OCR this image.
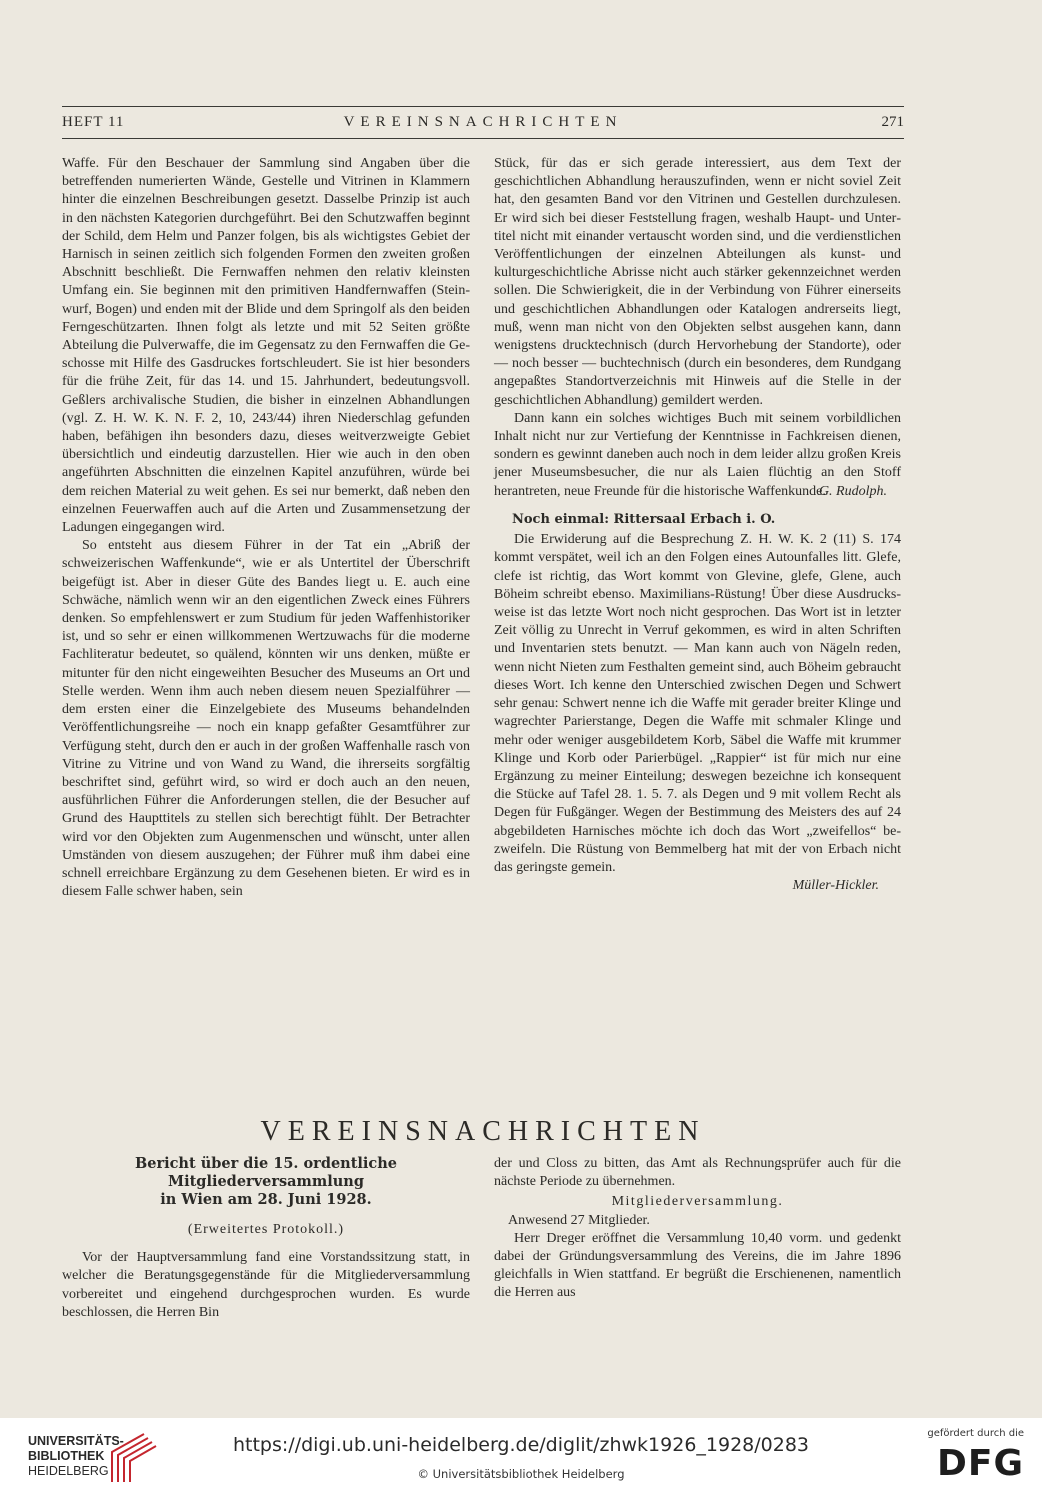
HEFT 11	VEREINSNACHRICHTEN	271

Waffe. Für den Beschauer der Sammlung sind Angaben über die betreffenden numerierten Wände, Gestelle und Vitrinen in Klammern hinter die einzelnen Beschreibungen gesetzt. Dasselbe Prinzip ist auch in den nächsten Kategorien durchgeführt. Bei den Schutzwaffen beginnt der Schild, dem Helm und Panzer folgen, bis als wichtigstes Gebiet der Harnisch in seinen zeitlich sich folgenden Formen den zweiten großen Abschnitt beschließt. Die Fernwaffen nehmen den relativ kleinsten Umfang ein. Sie beginnen mit den primitiven Handfernwaffen (Steinwurf, Bogen) und enden mit der Blide und dem Springolf als den beiden Ferngeschützarten. Ihnen folgt als letzte und mit 52 Seiten größte Abteilung die Pulverwaffe, die im Gegensatz zu den Fernwaffen die Geschosse mit Hilfe des Gasdruckes fortschleudert. Sie ist hier besonders für die frühe Zeit, für das 14. und 15. Jahrhundert, bedeutungsvoll. Geßlers archivalische Studien, die bisher in einzelnen Abhandlungen (vgl. Z. H. W. K. N. F. 2, 10, 243/44) ihren Niederschlag gefunden haben, befähigen ihn besonders dazu, dieses weitverzweigte Gebiet übersichtlich und eindeutig darzustellen. Hier wie auch in den oben angeführten Abschnitten die einzelnen Kapitel anzuführen, würde bei dem reichen Material zu weit gehen. Es sei nur bemerkt, daß neben den einzelnen Feuerwaffen auch auf die Arten und Zusammensetzung der Ladungen eingegangen wird.

So entsteht aus diesem Führer in der Tat ein „Abriß der schweizerischen Waffenkunde“, wie er als Untertitel der Überschrift beigefügt ist. Aber in dieser Güte des Bandes liegt u. E. auch eine Schwäche, nämlich wenn wir an den eigentlichen Zweck eines Führers denken. So empfehlenswert er zum Studium für jeden Waffenhistoriker ist, und so sehr er einen willkommenen Wertzuwachs für die moderne Fachliteratur bedeutet, so quälend, könnten wir uns denken, müßte er mitunter für den nicht eingeweihten Besucher des Museums an Ort und Stelle werden. Wenn ihm auch neben diesem neuen Spezialführer — dem ersten einer die Einzelgebiete des Museums behandelnden Veröffentlichungsreihe — noch ein knapp gefaßter Gesamtführer zur Verfügung steht, durch den er auch in der großen Waffenhalle rasch von Vitrine zu Vitrine und von Wand zu Wand, die ihrerseits sorgfältig beschriftet sind, geführt wird, so wird er doch auch an den neuen, ausführlichen Führer die Anforderungen stellen, die der Besucher auf Grund des Haupttitels zu stellen sich berechtigt fühlt. Der Betrachter wird vor den Objekten zum Augenmenschen und wünscht, unter allen Umständen von diesem auszugehen; der Führer muß ihm dabei eine schnell erreichbare Ergänzung zu dem Gesehenen bieten. Er wird es in diesem Falle schwer haben, sein

Stück, für das er sich gerade interessiert, aus dem Text der geschichtlichen Abhandlung herauszufinden, wenn er nicht soviel Zeit hat, den gesamten Band vor den Vitrinen und Gestellen durchzulesen. Er wird sich bei dieser Feststellung fragen, weshalb Haupt- und Untertitel nicht mit einander vertauscht worden sind, und die verdienstlichen Veröffentlichungen der einzelnen Abteilungen als kunst- und kulturgeschichtliche Abrisse nicht auch stärker gekennzeichnet werden sollen. Die Schwierigkeit, die in der Verbindung von Führer einerseits und geschichtlichen Abhandlungen oder Katalogen andrerseits liegt, muß, wenn man nicht von den Objekten selbst ausgehen kann, dann wenigstens drucktechnisch (durch Hervorhebung der Standorte), oder — noch besser — buchtechnisch (durch ein besonderes, dem Rundgang angepaßtes Standortverzeichnis mit Hinweis auf die Stelle in der geschichtlichen Abhandlung) gemildert werden.

Dann kann ein solches wichtiges Buch mit seinem vorbildlichen Inhalt nicht nur zur Vertiefung der Kenntnisse in Fachkreisen dienen, sondern es gewinnt daneben auch noch in dem leider allzu großen Kreis jener Museumsbesucher, die nur als Laien flüchtig an den Stoff herantreten, neue Freunde für die historische Waffenkunde.

G. Rudolph.
Noch einmal: Rittersaal Erbach i. O.

Die Erwiderung auf die Besprechung Z. H. W. K. 2 (11) S. 174 kommt verspätet, weil ich an den Folgen eines Autounfalles litt. Glefe, clefe ist richtig, das Wort kommt von Glevine, glefe, Glene, auch Böheim schreibt ebenso. Maximilians-Rüstung! Über diese Ausdrucksweise ist das letzte Wort noch nicht gesprochen. Das Wort ist in letzter Zeit völlig zu Unrecht in Verruf gekommen, es wird in alten Schriften und Inventarien stets benutzt. — Man kann auch von Nägeln reden, wenn nicht Nieten zum Festhalten gemeint sind, auch Böheim gebraucht dieses Wort. Ich kenne den Unterschied zwischen Degen und Schwert sehr genau: Schwert nenne ich die Waffe mit gerader breiter Klinge und wagrechter Parierstange, Degen die Waffe mit schmaler Klinge und mehr oder weniger ausgebildetem Korb, Säbel die Waffe mit krummer Klinge und Korb oder Parierbügel. „Rappier“ ist für mich nur eine Ergänzung zu meiner Einteilung; deswegen bezeichne ich konsequent die Stücke auf Tafel 28. 1. 5. 7. als Degen und 9 mit vollem Recht als Degen für Fußgänger. Wegen der Bestimmung des Meisters des auf 24 abgebildeten Harnisches möchte ich doch das Wort „zweifellos“ bezweifeln. Die Rüstung von Bemmelberg hat mit der von Erbach nicht das geringste gemein.

Müller-Hickler.
VEREINSNACHRICHTEN
Bericht über die 15. ordentliche Mitgliederversammlung
in Wien am 28. Juni 1928.
(Erweitertes Protokoll.)

Vor der Hauptversammlung fand eine Vorstandssitzung statt, in welcher die Beratungsgegenstände für die Mitgliederversammlung vorbereitet und eingehend durchgesprochen wurden. Es wurde beschlossen, die Herren Bin

der und Closs zu bitten, das Amt als Rechnungsprüfer auch für die nächste Periode zu übernehmen.

Mitgliederversammlung.

Anwesend 27 Mitglieder.

Herr Dreger eröffnet die Versammlung 10,40 vorm. und gedenkt dabei der Gründungsversammlung des Vereins, die im Jahre 1896 gleichfalls in Wien stattfand. Er begrüßt die Erschienenen, namentlich die Herren aus

UNIVERSITÄTS-
BIBLIOTHEK
HEIDELBERG
https://digi.ub.uni-heidelberg.de/diglit/zhwk1926_1928/0283
© Universitätsbibliothek Heidelberg
gefördert durch die
DFG
